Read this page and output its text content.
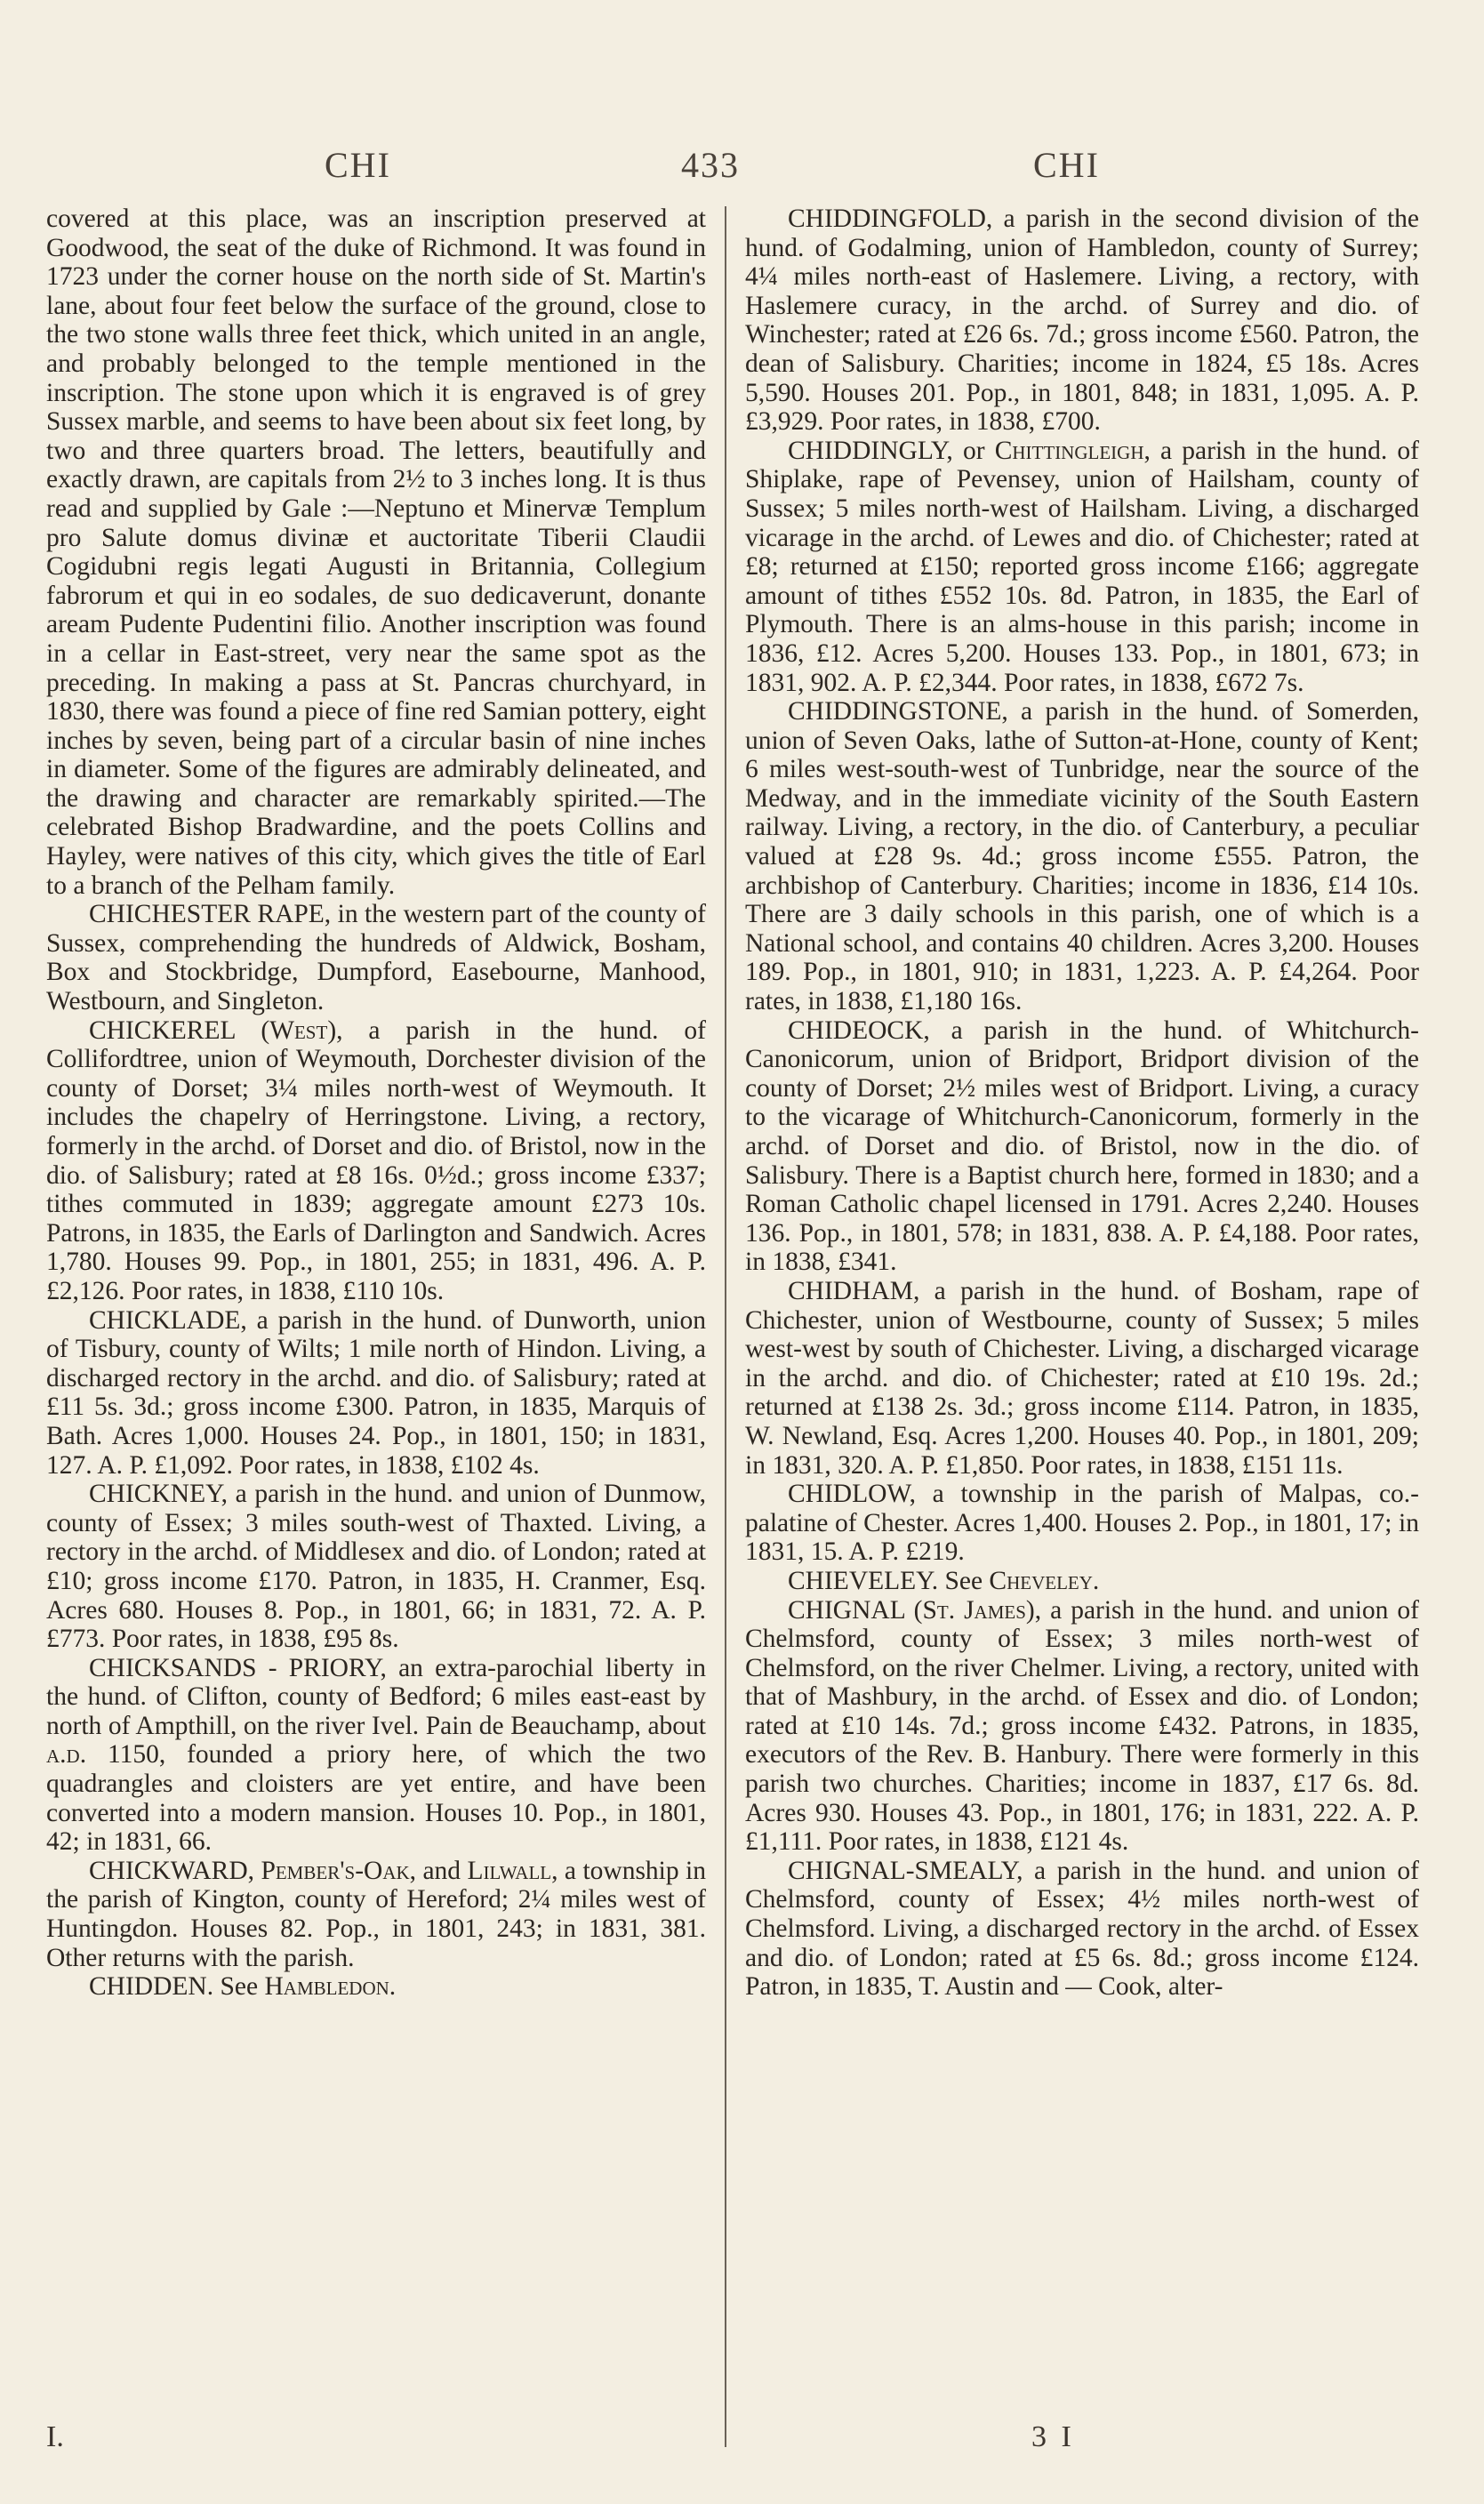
CHI	433	CHI

covered at this place, was an inscription preserved at Goodwood, the seat of the duke of Richmond. It was found in 1723 under the corner house on the north side of St. Martin's lane, about four feet below the surface of the ground, close to the two stone walls three feet thick, which united in an angle, and probably belonged to the temple mentioned in the inscription. The stone upon which it is engraved is of grey Sussex marble, and seems to have been about six feet long, by two and three quarters broad. The letters, beautifully and exactly drawn, are capitals from 2½ to 3 inches long. It is thus read and supplied by Gale :—Neptuno et Minervæ Templum pro Salute domus divinæ et auctoritate Tiberii Claudii Cogidubni regis legati Augusti in Britannia, Collegium fabrorum et qui in eo sodales, de suo dedicaverunt, donante aream Pudente Pudentini filio. Another inscription was found in a cellar in East-street, very near the same spot as the preceding. In making a pass at St. Pancras churchyard, in 1830, there was found a piece of fine red Samian pottery, eight inches by seven, being part of a circular basin of nine inches in diameter. Some of the figures are admirably delineated, and the drawing and character are remarkably spirited.—The celebrated Bishop Bradwardine, and the poets Collins and Hayley, were natives of this city, which gives the title of Earl to a branch of the Pelham family.

CHICHESTER RAPE, in the western part of the county of Sussex, comprehending the hundreds of Aldwick, Bosham, Box and Stockbridge, Dumpford, Easebourne, Manhood, Westbourn, and Singleton.

CHICKEREL (West), a parish in the hund. of Collifordtree, union of Weymouth, Dorchester division of the county of Dorset; 3¼ miles north-west of Weymouth. It includes the chapelry of Herringstone. Living, a rectory, formerly in the archd. of Dorset and dio. of Bristol, now in the dio. of Salisbury; rated at £8 16s. 0½d.; gross income £337; tithes commuted in 1839; aggregate amount £273 10s. Patrons, in 1835, the Earls of Darlington and Sandwich. Acres 1,780. Houses 99. Pop., in 1801, 255; in 1831, 496. A. P. £2,126. Poor rates, in 1838, £110 10s.

CHICKLADE, a parish in the hund. of Dunworth, union of Tisbury, county of Wilts; 1 mile north of Hindon. Living, a discharged rectory in the archd. and dio. of Salisbury; rated at £11 5s. 3d.; gross income £300. Patron, in 1835, Marquis of Bath. Acres 1,000. Houses 24. Pop., in 1801, 150; in 1831, 127. A. P. £1,092. Poor rates, in 1838, £102 4s.

CHICKNEY, a parish in the hund. and union of Dunmow, county of Essex; 3 miles south-west of Thaxted. Living, a rectory in the archd. of Middlesex and dio. of London; rated at £10; gross income £170. Patron, in 1835, H. Cranmer, Esq. Acres 680. Houses 8. Pop., in 1801, 66; in 1831, 72. A. P. £773. Poor rates, in 1838, £95 8s.

CHICKSANDS - PRIORY, an extra-parochial liberty in the hund. of Clifton, county of Bedford; 6 miles east-east by north of Ampthill, on the river Ivel. Pain de Beauchamp, about a.d. 1150, founded a priory here, of which the two quadrangles and cloisters are yet entire, and have been converted into a modern mansion. Houses 10. Pop., in 1801, 42; in 1831, 66.

CHICKWARD, Pember's-Oak, and Lilwall, a township in the parish of Kington, county of Hereford; 2¼ miles west of Huntingdon. Houses 82. Pop., in 1801, 243; in 1831, 381. Other returns with the parish.

CHIDDEN. See Hambledon.

CHIDDINGFOLD, a parish in the second division of the hund. of Godalming, union of Hambledon, county of Surrey; 4¼ miles north-east of Haslemere. Living, a rectory, with Haslemere curacy, in the archd. of Surrey and dio. of Winchester; rated at £26 6s. 7d.; gross income £560. Patron, the dean of Salisbury. Charities; income in 1824, £5 18s. Acres 5,590. Houses 201. Pop., in 1801, 848; in 1831, 1,095. A. P. £3,929. Poor rates, in 1838, £700.

CHIDDINGLY, or Chittingleigh, a parish in the hund. of Shiplake, rape of Pevensey, union of Hailsham, county of Sussex; 5 miles north-west of Hailsham. Living, a discharged vicarage in the archd. of Lewes and dio. of Chichester; rated at £8; returned at £150; reported gross income £166; aggregate amount of tithes £552 10s. 8d. Patron, in 1835, the Earl of Plymouth. There is an alms-house in this parish; income in 1836, £12. Acres 5,200. Houses 133. Pop., in 1801, 673; in 1831, 902. A. P. £2,344. Poor rates, in 1838, £672 7s.

CHIDDINGSTONE, a parish in the hund. of Somerden, union of Seven Oaks, lathe of Sutton-at-Hone, county of Kent; 6 miles west-south-west of Tunbridge, near the source of the Medway, and in the immediate vicinity of the South Eastern railway. Living, a rectory, in the dio. of Canterbury, a peculiar valued at £28 9s. 4d.; gross income £555. Patron, the archbishop of Canterbury. Charities; income in 1836, £14 10s. There are 3 daily schools in this parish, one of which is a National school, and contains 40 children. Acres 3,200. Houses 189. Pop., in 1801, 910; in 1831, 1,223. A. P. £4,264. Poor rates, in 1838, £1,180 16s.

CHIDEOCK, a parish in the hund. of Whitchurch-Canonicorum, union of Bridport, Bridport division of the county of Dorset; 2½ miles west of Bridport. Living, a curacy to the vicarage of Whitchurch-Canonicorum, formerly in the archd. of Dorset and dio. of Bristol, now in the dio. of Salisbury. There is a Baptist church here, formed in 1830; and a Roman Catholic chapel licensed in 1791. Acres 2,240. Houses 136. Pop., in 1801, 578; in 1831, 838. A. P. £4,188. Poor rates, in 1838, £341.

CHIDHAM, a parish in the hund. of Bosham, rape of Chichester, union of Westbourne, county of Sussex; 5 miles west-west by south of Chichester. Living, a discharged vicarage in the archd. and dio. of Chichester; rated at £10 19s. 2d.; returned at £138 2s. 3d.; gross income £114. Patron, in 1835, W. Newland, Esq. Acres 1,200. Houses 40. Pop., in 1801, 209; in 1831, 320. A. P. £1,850. Poor rates, in 1838, £151 11s.

CHIDLOW, a township in the parish of Malpas, co.-palatine of Chester. Acres 1,400. Houses 2. Pop., in 1801, 17; in 1831, 15. A. P. £219.

CHIEVELEY. See Cheveley.

CHIGNAL (St. James), a parish in the hund. and union of Chelmsford, county of Essex; 3 miles north-west of Chelmsford, on the river Chelmer. Living, a rectory, united with that of Mashbury, in the archd. of Essex and dio. of London; rated at £10 14s. 7d.; gross income £432. Patrons, in 1835, executors of the Rev. B. Hanbury. There were formerly in this parish two churches. Charities; income in 1837, £17 6s. 8d. Acres 930. Houses 43. Pop., in 1801, 176; in 1831, 222. A. P. £1,111. Poor rates, in 1838, £121 4s.

CHIGNAL-SMEALY, a parish in the hund. and union of Chelmsford, county of Essex; 4½ miles north-west of Chelmsford. Living, a discharged rectory in the archd. of Essex and dio. of London; rated at £5 6s. 8d.; gross income £124. Patron, in 1835, T. Austin and — Cook, alter-

I.	3 I
